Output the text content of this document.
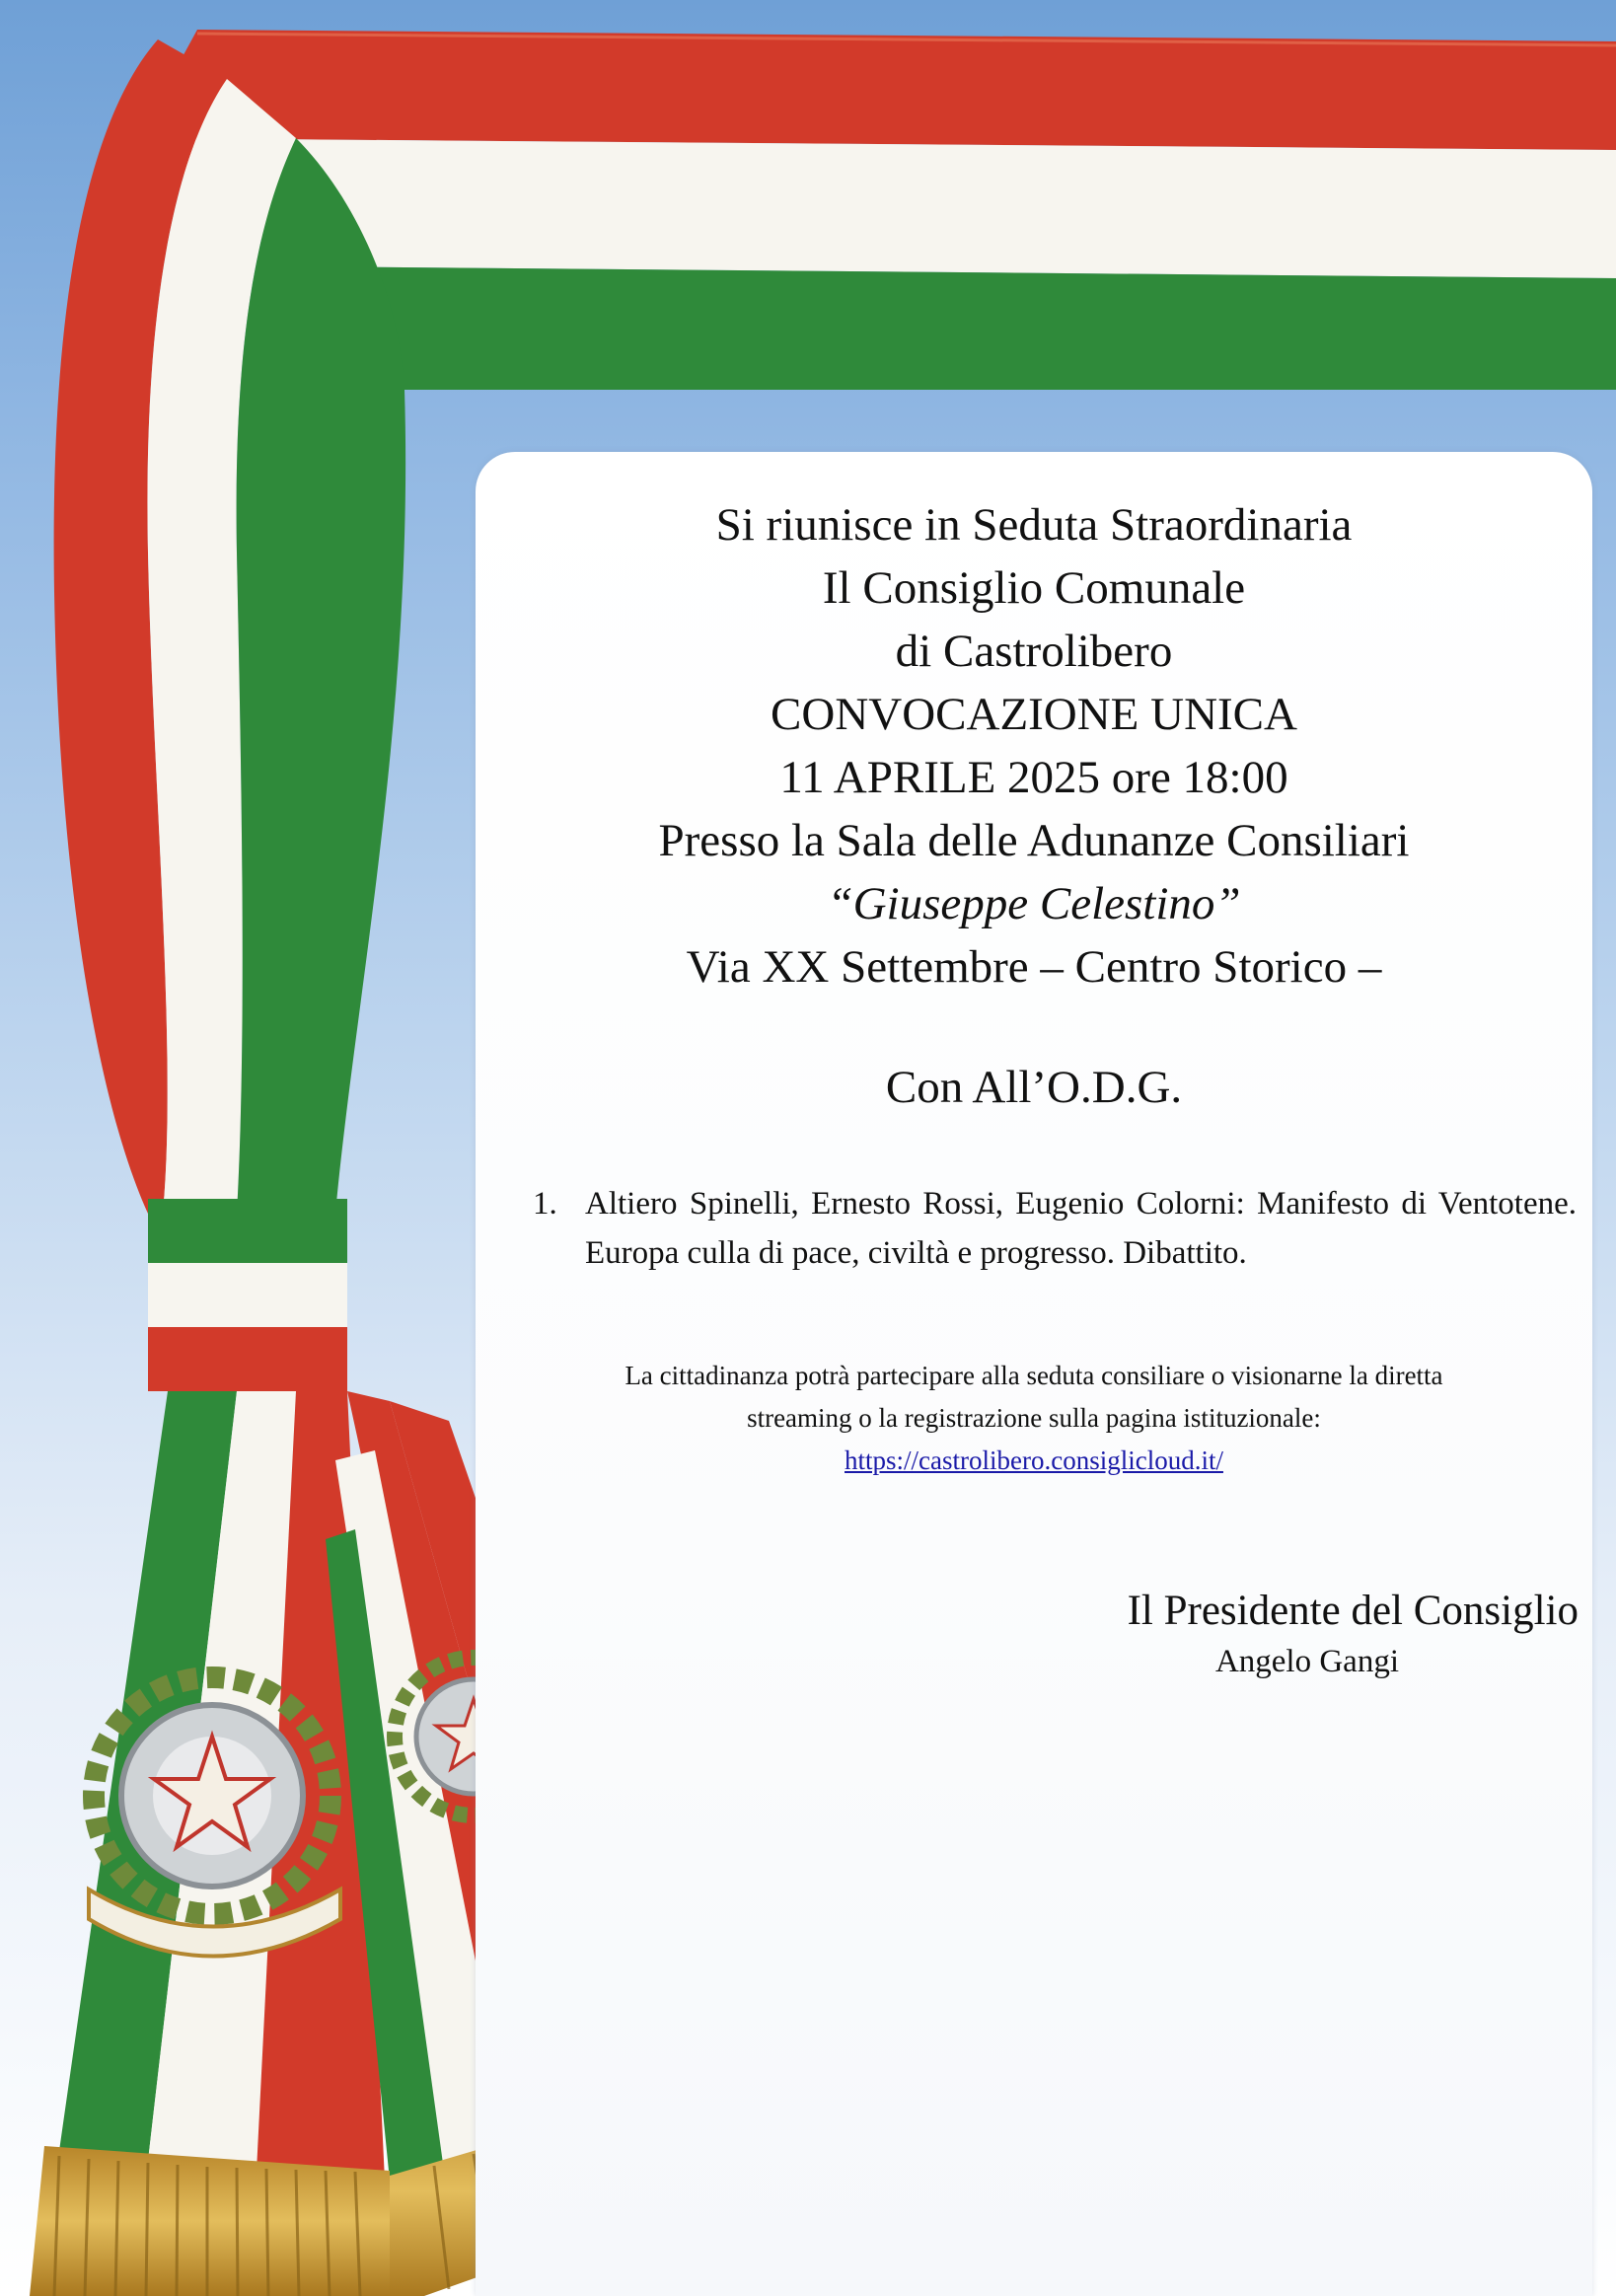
Si riunisce in Seduta Straordinaria
Il Consiglio Comunale
di Castrolibero
CONVOCAZIONE UNICA
11 APRILE 2025 ore 18:00
Presso la Sala delle Adunanze Consiliari
“Giuseppe Celestino”
Via XX Settembre – Centro Storico –
Con All’O.D.G.
1. Altiero Spinelli, Ernesto Rossi, Eugenio Colorni: Manifesto di Ventotene. Europa culla di pace, civiltà e progresso. Dibattito.
La cittadinanza potrà partecipare alla seduta consiliare o visionarne la diretta
streaming o la registrazione sulla pagina istituzionale:
https://castrolibero.consiglicloud.it/
Il Presidente del Consiglio
Angelo Gangi
